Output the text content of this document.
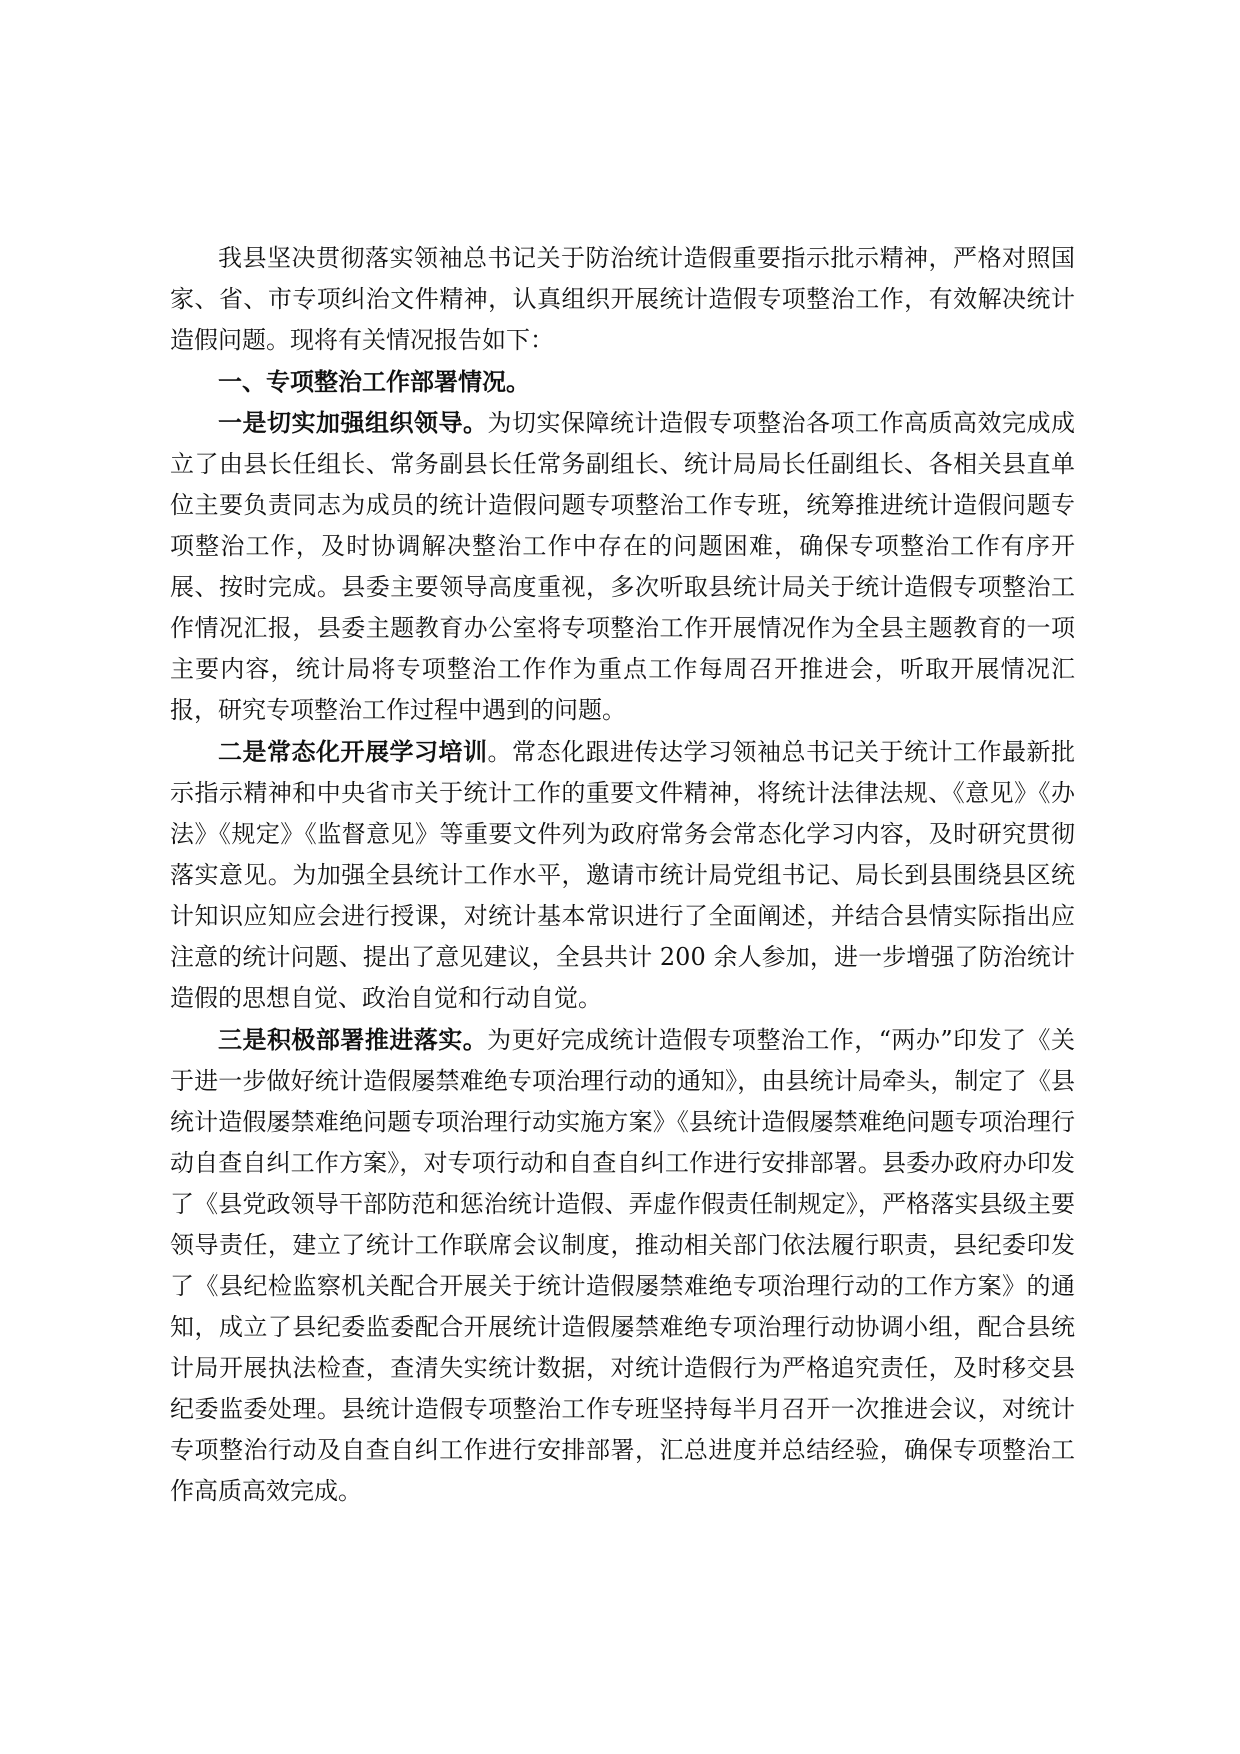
我县坚决贯彻落实领袖总书记关于防治统计造假重要指示批示精神，严格对照国家、省、市专项纠治文件精神，认真组织开展统计造假专项整治工作，有效解决统计造假问题。现将有关情况报告如下：

一、专项整治工作部署情况。

一是切实加强组织领导。为切实保障统计造假专项整治各项工作高质高效完成成立了由县长任组长、常务副县长任常务副组长、统计局局长任副组长、各相关县直单位主要负责同志为成员的统计造假问题专项整治工作专班，统筹推进统计造假问题专项整治工作，及时协调解决整治工作中存在的问题困难，确保专项整治工作有序开展、按时完成。县委主要领导高度重视，多次听取县统计局关于统计造假专项整治工作情况汇报，县委主题教育办公室将专项整治工作开展情况作为全县主题教育的一项主要内容，统计局将专项整治工作作为重点工作每周召开推进会，听取开展情况汇报，研究专项整治工作过程中遇到的问题。

二是常态化开展学习培训。常态化跟进传达学习领袖总书记关于统计工作最新批示指示精神和中央省市关于统计工作的重要文件精神，将统计法律法规、《意见》《办法》《规定》《监督意见》等重要文件列为政府常务会常态化学习内容，及时研究贯彻落实意见。为加强全县统计工作水平，邀请市统计局党组书记、局长到县围绕县区统计知识应知应会进行授课，对统计基本常识进行了全面阐述，并结合县情实际指出应注意的统计问题、提出了意见建议，全县共计 200 余人参加，进一步增强了防治统计造假的思想自觉、政治自觉和行动自觉。

三是积极部署推进落实。为更好完成统计造假专项整治工作，“两办”印发了《关于进一步做好统计造假屡禁难绝专项治理行动的通知》，由县统计局牵头，制定了《县统计造假屡禁难绝问题专项治理行动实施方案》《县统计造假屡禁难绝问题专项治理行动自查自纠工作方案》，对专项行动和自查自纠工作进行安排部署。县委办政府办印发了《县党政领导干部防范和惩治统计造假、弄虚作假责任制规定》，严格落实县级主要领导责任，建立了统计工作联席会议制度，推动相关部门依法履行职责，县纪委印发了《县纪检监察机关配合开展关于统计造假屡禁难绝专项治理行动的工作方案》的通知，成立了县纪委监委配合开展统计造假屡禁难绝专项治理行动协调小组，配合县统计局开展执法检查，查清失实统计数据，对统计造假行为严格追究责任，及时移交县纪委监委处理。县统计造假专项整治工作专班坚持每半月召开一次推进会议，对统计专项整治行动及自查自纠工作进行安排部署，汇总进度并总结经验，确保专项整治工作高质高效完成。
